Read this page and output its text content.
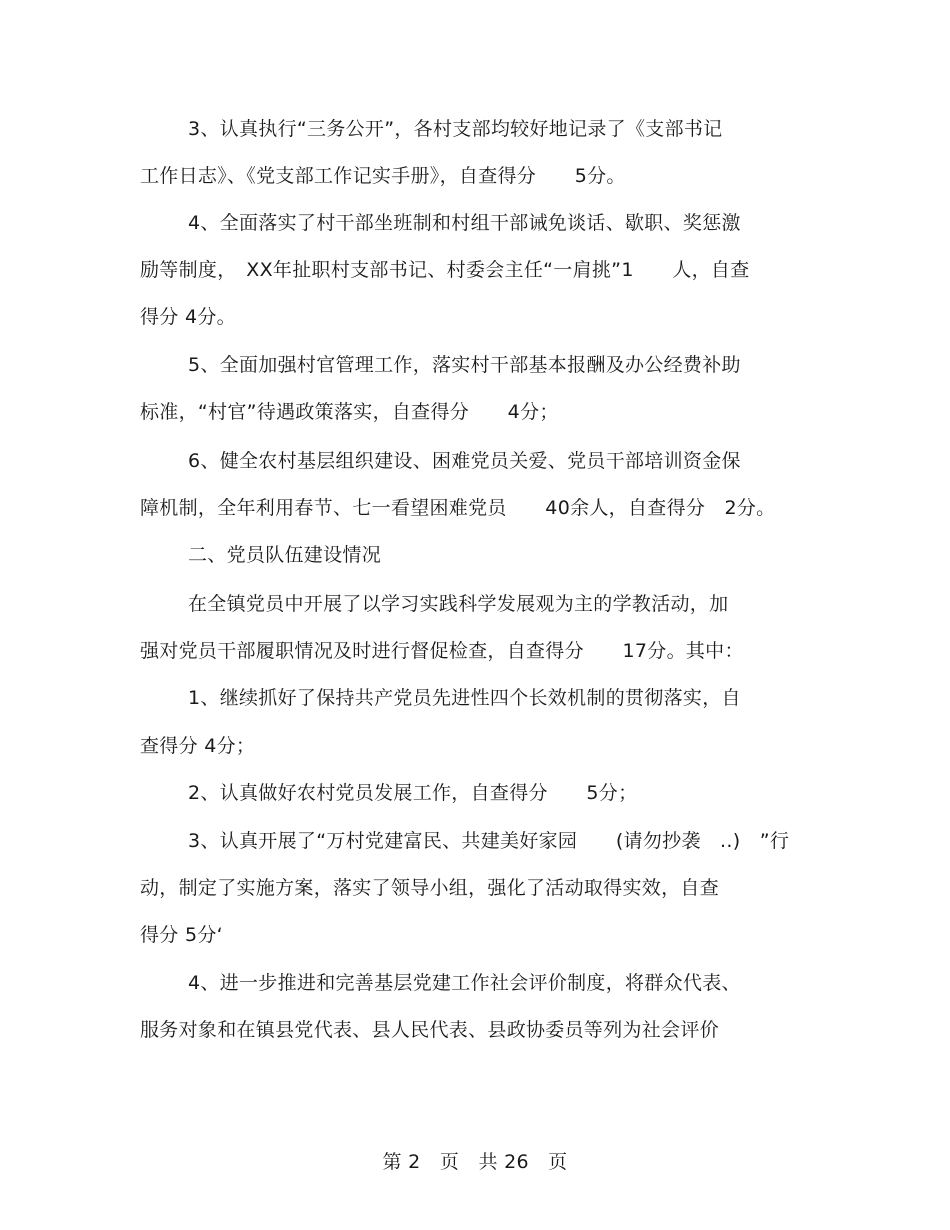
3、认真执行“三务公开”，各村支部均较好地记录了《支部书记
工作日志》、《党支部工作记实手册》，自查得分　　5分。
4、全面落实了村干部坐班制和村组干部诫免谈话、歇职、奖惩激
励等制度，　XX年扯职村支部书记、村委会主任“一肩挑”1　　人，自查
得分 4分。
5、全面加强村官管理工作，落实村干部基本报酬及办公经费补助
标准，“村官”待遇政策落实，自查得分　　4分；
6、健全农村基层组织建设、困难党员关爱、党员干部培训资金保
障机制，全年利用春节、七一看望困难党员　　40余人，自查得分　2分。
二、党员队伍建设情况
在全镇党员中开展了以学习实践科学发展观为主的学教活动，加
强对党员干部履职情况及时进行督促检查，自查得分　　17分。其中：
1、继续抓好了保持共产党员先进性四个长效机制的贯彻落实，自
查得分 4分；
2、认真做好农村党员发展工作，自查得分　　5分；
3、认真开展了“万村党建富民、共建美好家园　　(请勿抄袭　..)　”行
动，制定了实施方案，落实了领导小组，强化了活动取得实效，自查
得分 5分‘
4、进一步推进和完善基层党建工作社会评价制度，将群众代表、
服务对象和在镇县党代表、县人民代表、县政协委员等列为社会评价
第 2　页　共 26　页
